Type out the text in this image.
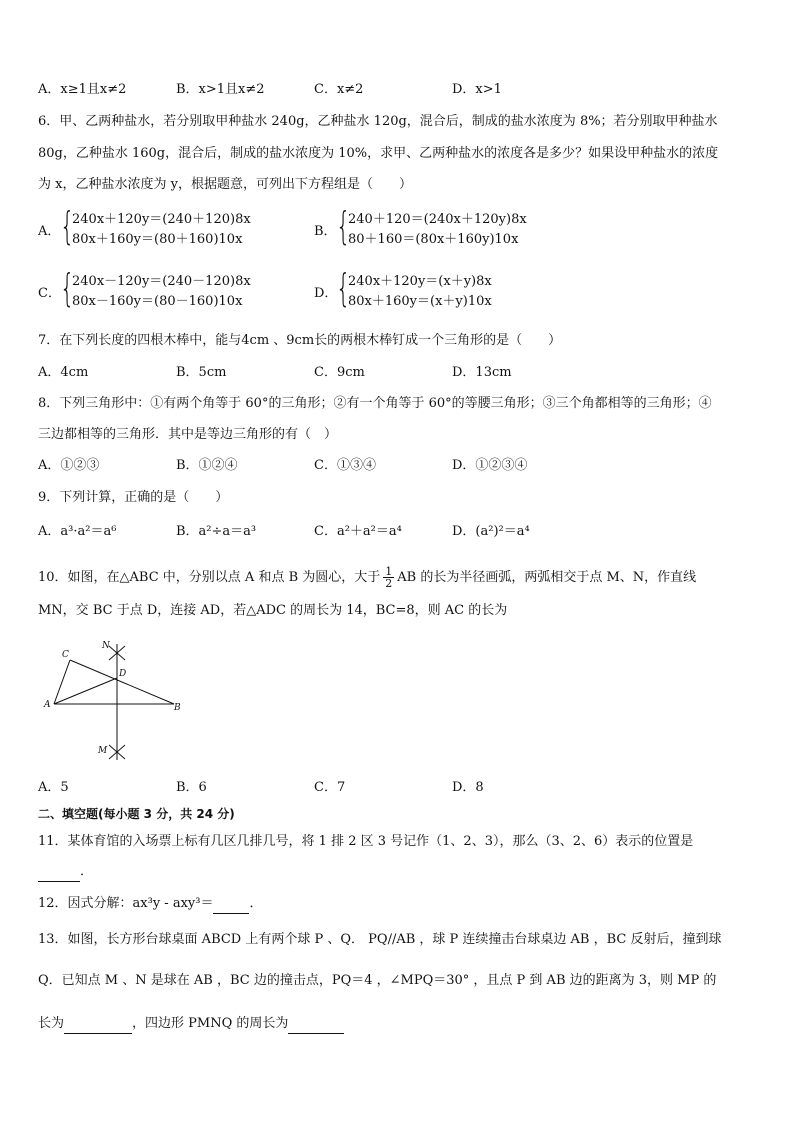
A．x≥1且x≠2	B．x>1且x≠2	C．x≠2	D．x>1
6．甲、乙两种盐水，若分别取甲种盐水 240g，乙种盐水 120g，混合后，制成的盐水浓度为 8%；若分别取甲种盐水
80g，乙种盐水 160g，混合后，制成的盐水浓度为 10%，求甲、乙两种盐水的浓度各是多少？如果设甲种盐水的浓度
为 x，乙种盐水浓度为 y，根据题意，可列出下方程组是（　　）
A． {
240x＋120y＝(240＋120)8x
80x＋160y＝(80＋160)10x
B． {
240＋120＝(240x＋120y)8x
80＋160＝(80x＋160y)10x
C． {
240x－120y＝(240－120)8x
80x－160y＝(80－160)10x
D．
{
240x＋120y＝(x＋y)8x
80x＋160y＝(x＋y)10x
7．在下列长度的四根木棒中，能与4cm 、9cm长的两根木棒钉成一个三角形的是（　　）
A．4cm	B．5cm	C．9cm	D．13cm
8．下列三角形中：①有两个角等于 60°的三角形；②有一个角等于 60°的等腰三角形；③三个角都相等的三角形；④
三边都相等的三角形．其中是等边三角形的有（　）
A．①②③	B．①②④	C．①③④	D．①②③④
9．下列计算，正确的是（　　）
A．a³·a²＝a⁶	B．a²÷a＝a³	C．a²＋a²＝a⁴	D．(a²)²＝a⁴
10．如图，在△ABC 中，分别以点 A 和点 B 为圆心，大于 $\frac{1}{2}$ AB 的长为半径画弧，两弧相交于点 M、N，作直线
MN，交 BC 于点 D，连接 AD，若△ADC 的周长为 14，BC=8，则 AC 的长为
A	B
C
D
N
M
A．5	B．6	C．7	D．8
二、填空题(每小题 3 分，共 24 分)
11．某体育馆的入场票上标有几区几排几号，将 1 排 2 区 3 号记作（1、2、3），那么（3、2、6）表示的位置是
．
12．因式分解：ax³y - axy³＝	．
13．如图，长方形台球桌面 ABCD 上有两个球 P 、Q． PQ//AB ，球 P 连续撞击台球桌边 AB ，BC 反射后，撞到球
Q．已知点 M 、N 是球在 AB ，BC 边的撞击点，PQ＝4 ，∠MPQ＝30° ，且点 P 到 AB 边的距离为 3，则 MP 的
长为	，四边形 PMNQ 的周长为
